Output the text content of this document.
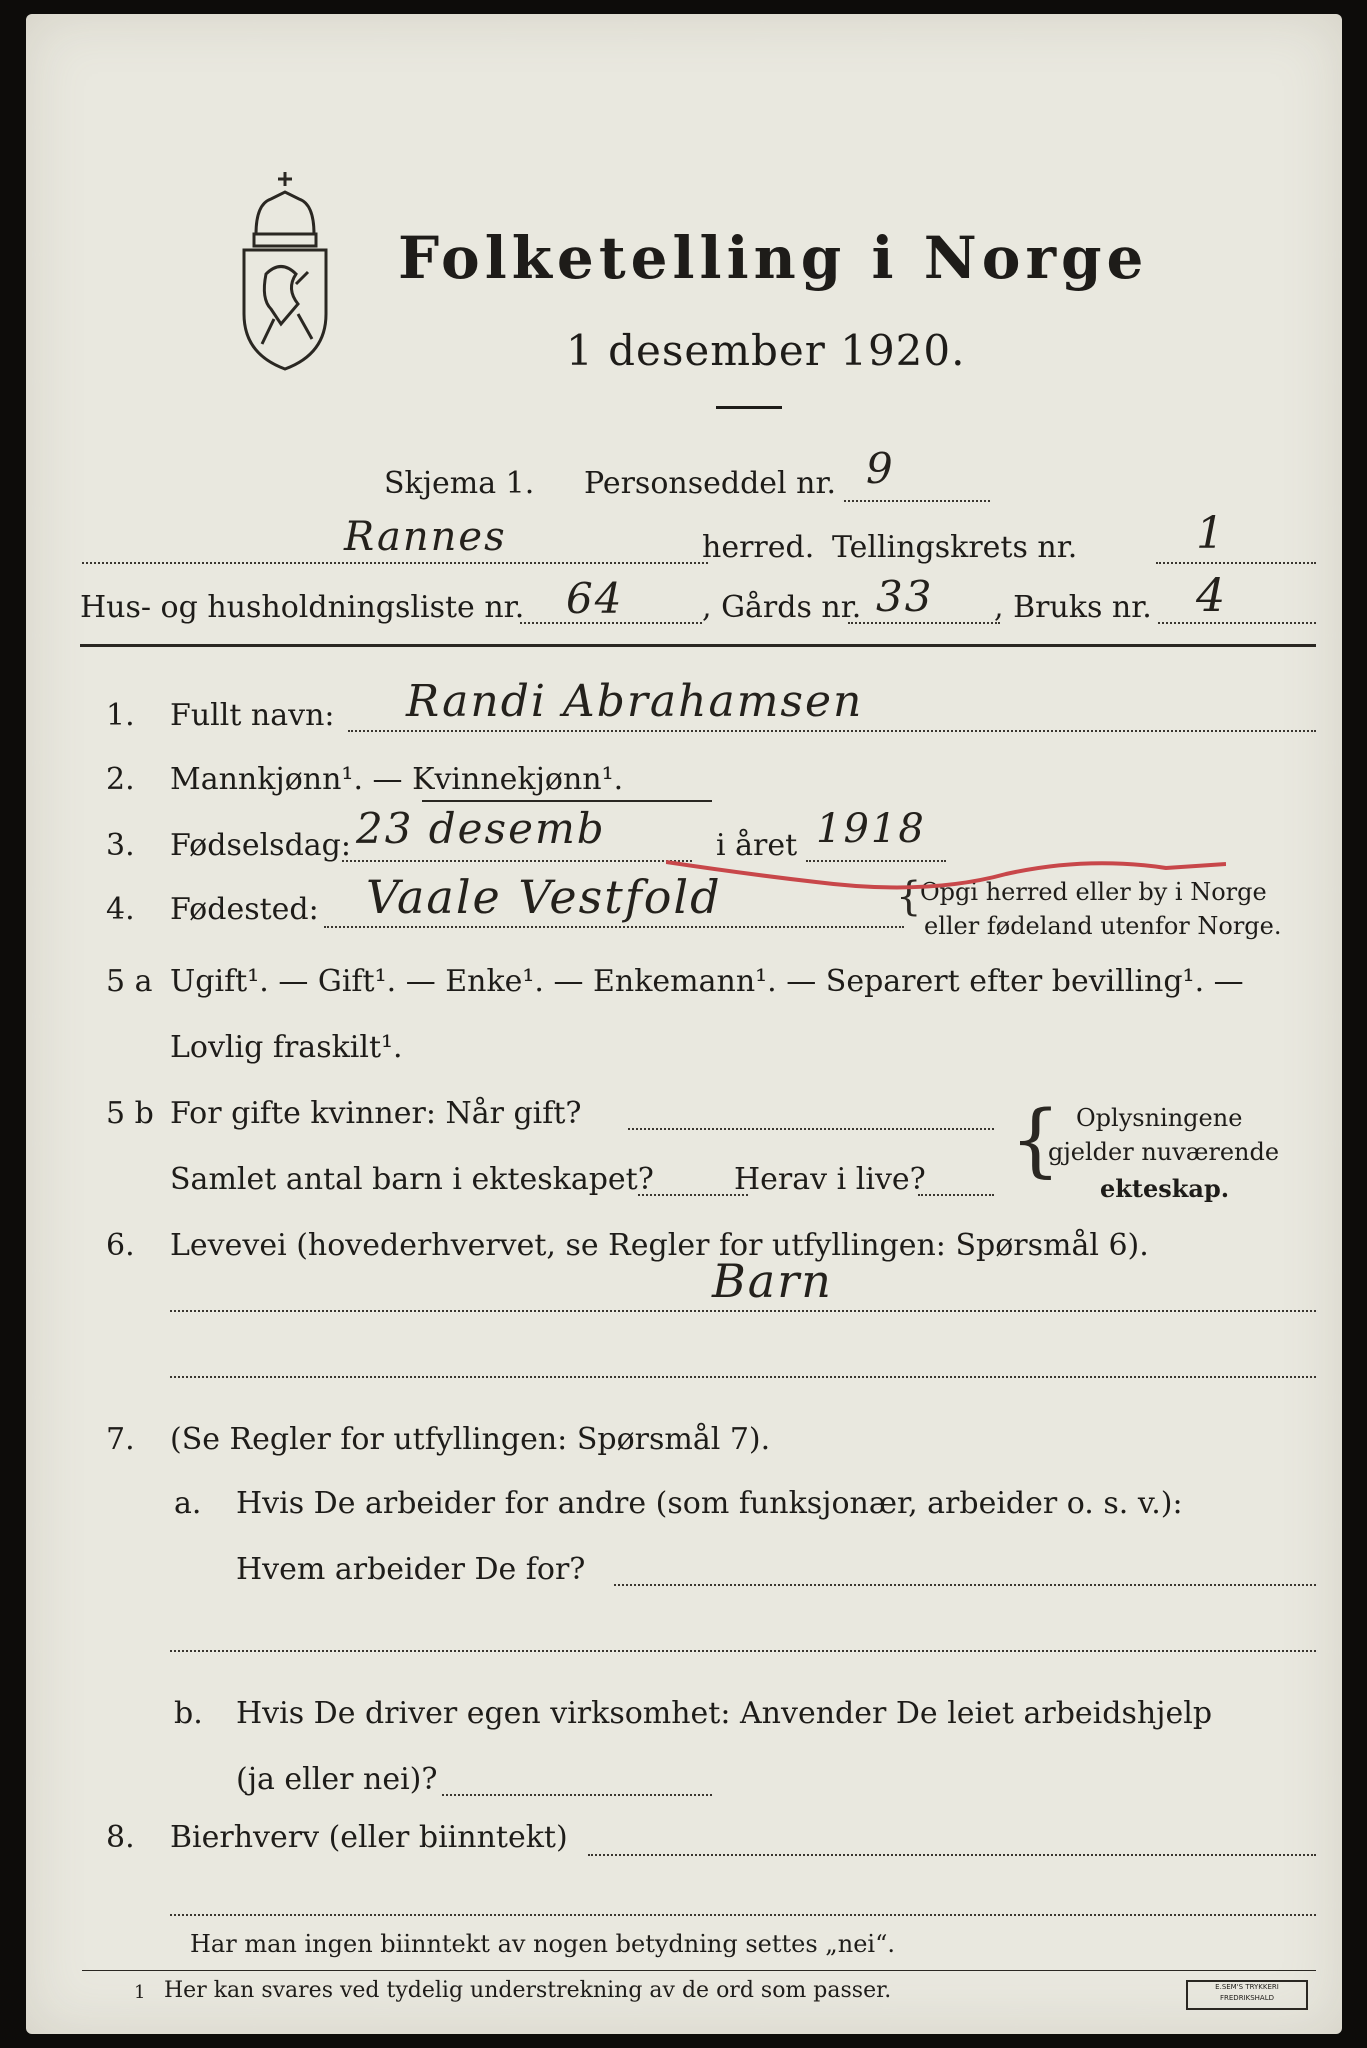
Folketelling i Norge
1 desember 1920.
Skjema 1. Personseddel nr. 9
Rannes	herred. Tellingskrets nr.	1
Hus- og husholdningsliste nr. 64	, Gårds nr. 33 , Bruks nr. 4
1. Fullt navn: Randi Abrahamsen
2. Mannkjønn¹. — Kvinnekjønn¹.
3. Fødselsdag: 23 desemb	i året 1918
4. Fødested: Vaale Vestfold	{
Opgi herred eller by i Norge
eller fødeland utenfor Norge.
5 a Ugift¹. — Gift¹. — Enke¹. — Enkemann¹. — Separert efter bevilling¹. —
Lovlig fraskilt¹.
5 b For gifte kvinner: Når gift?
Samlet antal barn i ekteskapet?	Herav i live? { Oplysningene
gjelder nuværende
ekteskap.
6. Levevei (hovederhvervet, se Regler for utfyllingen: Spørsmål 6).
Barn
7. (Se Regler for utfyllingen: Spørsmål 7).
a. Hvis De arbeider for andre (som funksjonær, arbeider o. s. v.):
Hvem arbeider De for?
b. Hvis De driver egen virksomhet: Anvender De leiet arbeidshjelp
(ja eller nei)?
8. Bierhverv (eller biinntekt)
Har man ingen biinntekt av nogen betydning settes „nei“.
1 Her kan svares ved tydelig understrekning av de ord som passer.	E.SEM'S TRYKKERI
FREDRIKSHALD
